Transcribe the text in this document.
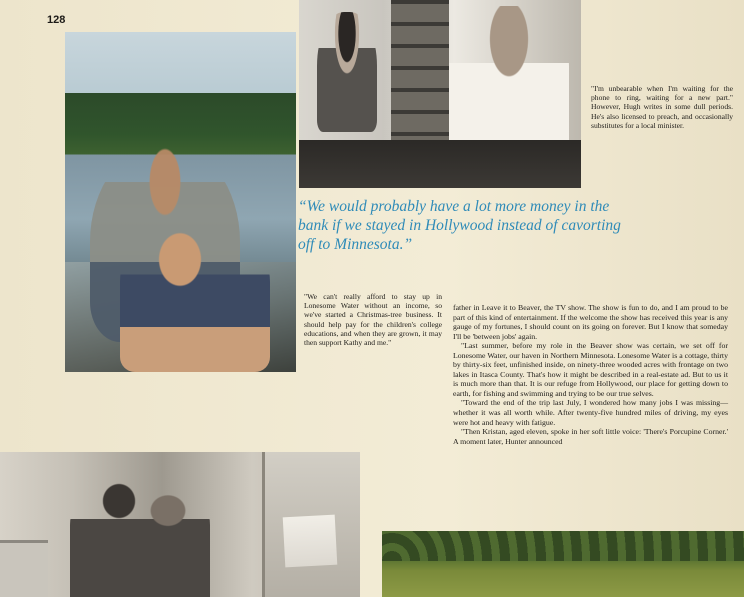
128
"I'm unbearable when I'm waiting for the phone to ring, waiting for a new part." However, Hugh writes in some dull periods. He's also licensed to preach, and occasionally substitutes for a local minister.
“We would probably have a lot more money in the bank if we stayed in Hollywood instead of cavorting off to Minnesota.”
"We can't really afford to stay up in Lonesome Water without an income, so we've started a Christmas-tree business. It should help pay for the children's college educations, and when they are grown, it may then support Kathy and me."

father in Leave it to Beaver, the TV show. The show is fun to do, and I am proud to be part of this kind of entertainment. If the welcome the show has received this year is any gauge of my fortunes, I should count on its going on forever. But I know that someday I'll be 'between jobs' again.

"Last summer, before my role in the Beaver show was certain, we set off for Lonesome Water, our haven in Northern Minnesota. Lonesome Water is a cottage, thirty by thirty-six feet, unfinished inside, on ninety-three wooded acres with frontage on two lakes in Itasca County. That's how it might be described in a real-estate ad. But to us it is much more than that. It is our refuge from Hollywood, our place for getting down to earth, for fishing and swimming and trying to be our true selves.

"Toward the end of the trip last July, I wondered how many jobs I was missing—whether it was all worth while. After twenty-five hundred miles of driving, my eyes were hot and heavy with fatigue.

"Then Kristan, aged eleven, spoke in her soft little voice: 'There's Porcupine Corner.' A moment later, Hunter announced
